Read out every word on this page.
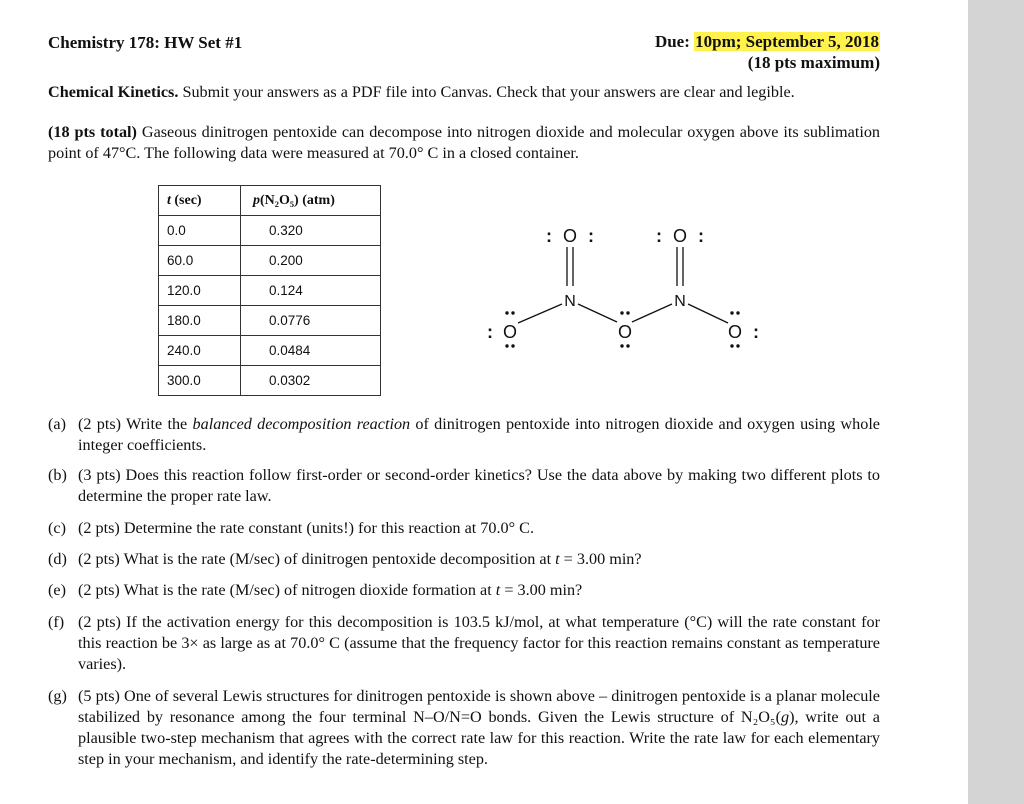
Chemistry 178: HW Set #1	Due: 10pm; September 5, 2018
(18 pts maximum)
Chemical Kinetics. Submit your answers as a PDF file into Canvas. Check that your answers are clear and legible.
(18 pts total) Gaseous dinitrogen pentoxide can decompose into nitrogen dioxide and molecular oxygen above its sublimation point of 47°C. The following data were measured at 70.0° C in a closed container.
t (sec)	p(N₂O₅) (atm)
0.0	0.320
60.0	0.200
120.0	0.124
180.0	0.0776
240.0	0.0484
300.0	0.0302
O	O
N	N
O	O	O
: :	: :
:	:
(a) (2 pts) Write the balanced decomposition reaction of dinitrogen pentoxide into nitrogen dioxide and oxygen using whole integer coefficients.
(b) (3 pts) Does this reaction follow first-order or second-order kinetics? Use the data above by making two different plots to determine the proper rate law.
(c) (2 pts) Determine the rate constant (units!) for this reaction at 70.0° C.
(d) (2 pts) What is the rate (M/sec) of dinitrogen pentoxide decomposition at t = 3.00 min?
(e) (2 pts) What is the rate (M/sec) of nitrogen dioxide formation at t = 3.00 min?
(f) (2 pts) If the activation energy for this decomposition is 103.5 kJ/mol, at what temperature (°C) will the rate constant for this reaction be 3× as large as at 70.0° C (assume that the frequency factor for this reaction remains constant as temperature varies).
(g) (5 pts) One of several Lewis structures for dinitrogen pentoxide is shown above – dinitrogen pentoxide is a planar molecule stabilized by resonance among the four terminal N–O/N=O bonds. Given the Lewis structure of N₂O₅(g), write out a plausible two-step mechanism that agrees with the correct rate law for this reaction. Write the rate law for each elementary step in your mechanism, and identify the rate-determining step.
